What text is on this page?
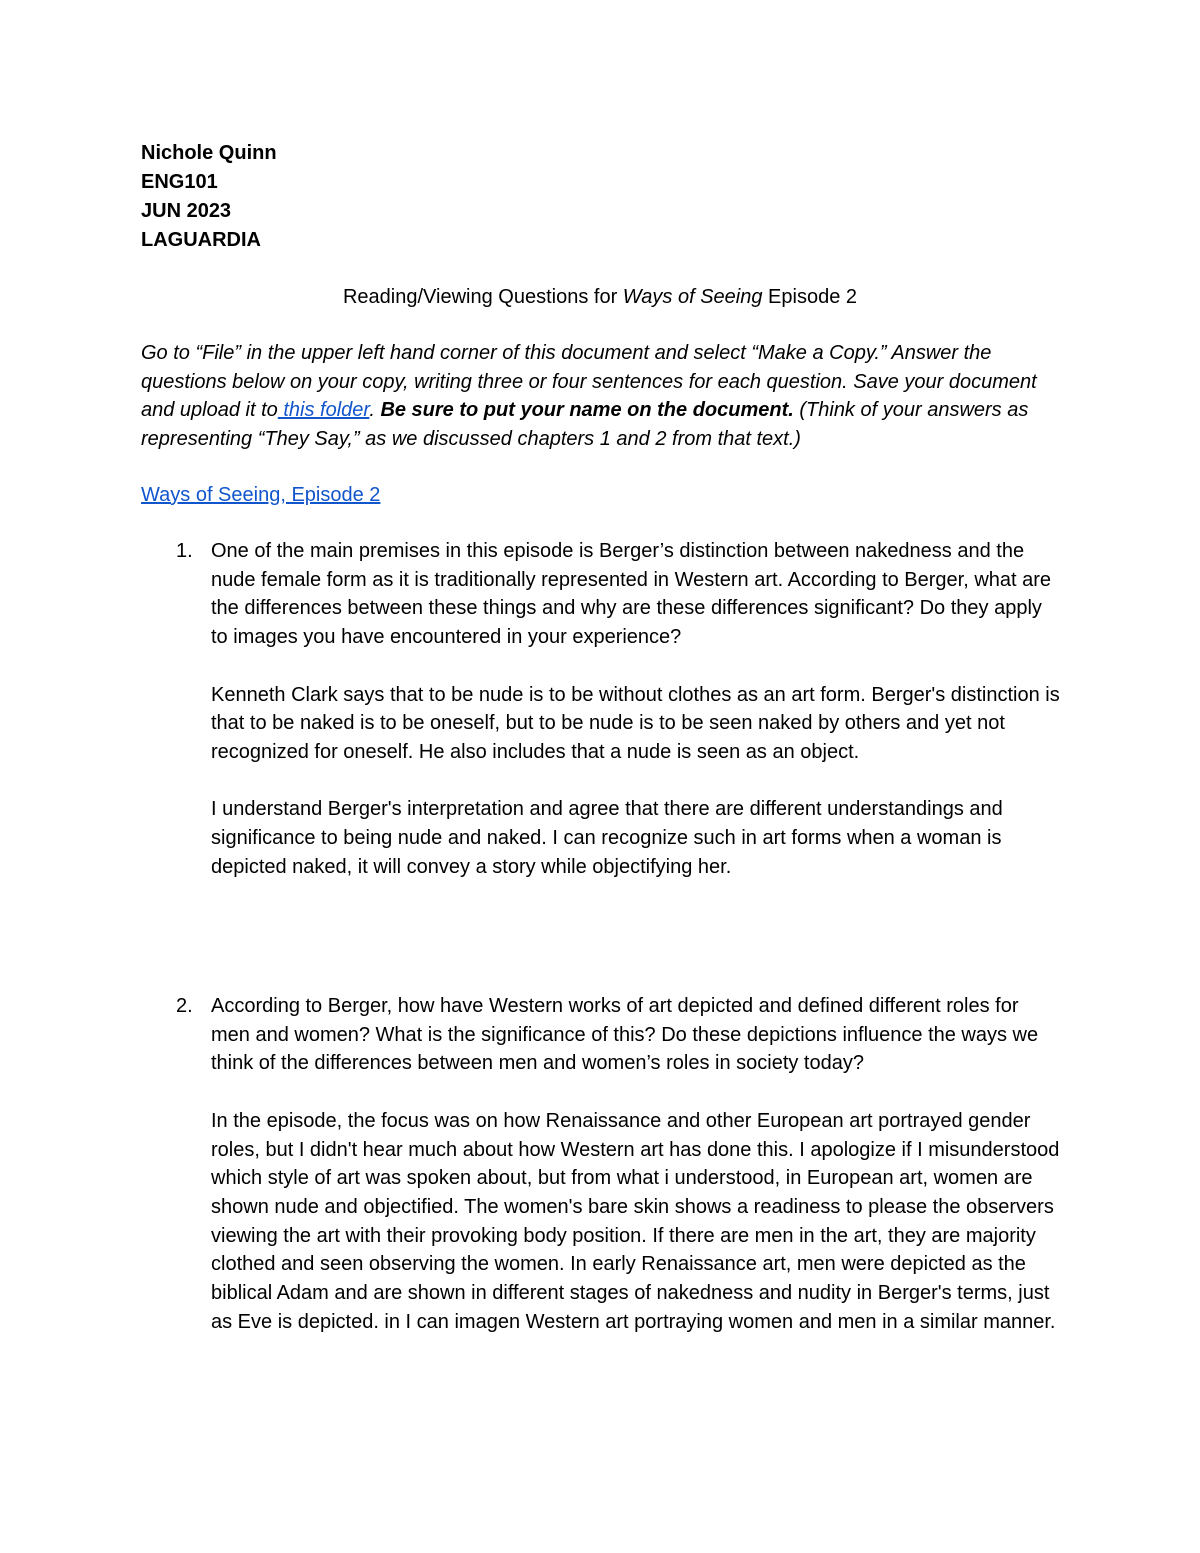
Nichole Quinn
ENG101
JUN 2023
LAGUARDIA
Reading/Viewing Questions for Ways of Seeing Episode 2
Go to “File” in the upper left hand corner of this document and select “Make a Copy.” Answer the questions below on your copy, writing three or four sentences for each question. Save your document and upload it to this folder. Be sure to put your name on the document. (Think of your answers as representing “They Say,” as we discussed chapters 1 and 2 from that text.)
Ways of Seeing, Episode 2
1. One of the main premises in this episode is Berger’s distinction between nakedness and the nude female form as it is traditionally represented in Western art. According to Berger, what are the differences between these things and why are these differences significant? Do they apply to images you have encountered in your experience?

Kenneth Clark says that to be nude is to be without clothes as an art form. Berger's distinction is that to be naked is to be oneself, but to be nude is to be seen naked by others and yet not recognized for oneself. He also includes that a nude is seen as an object.

I understand Berger's interpretation and agree that there are different understandings and significance to being nude and naked. I can recognize such in art forms when a woman is depicted naked, it will convey a story while objectifying her.

2. According to Berger, how have Western works of art depicted and defined different roles for men and women? What is the significance of this? Do these depictions influence the ways we think of the differences between men and women’s roles in society today?

In the episode, the focus was on how Renaissance and other European art portrayed gender roles, but I didn't hear much about how Western art has done this. I apologize if I misunderstood which style of art was spoken about, but from what i understood, in European art, women are shown nude and objectified. The women's bare skin shows a readiness to please the observers viewing the art with their provoking body position. If there are men in the art, they are majority clothed and seen observing the women. In early Renaissance art, men were depicted as the biblical Adam and are shown in different stages of nakedness and nudity in Berger's terms, just as Eve is depicted. in I can imagen Western art portraying women and men in a similar manner.
